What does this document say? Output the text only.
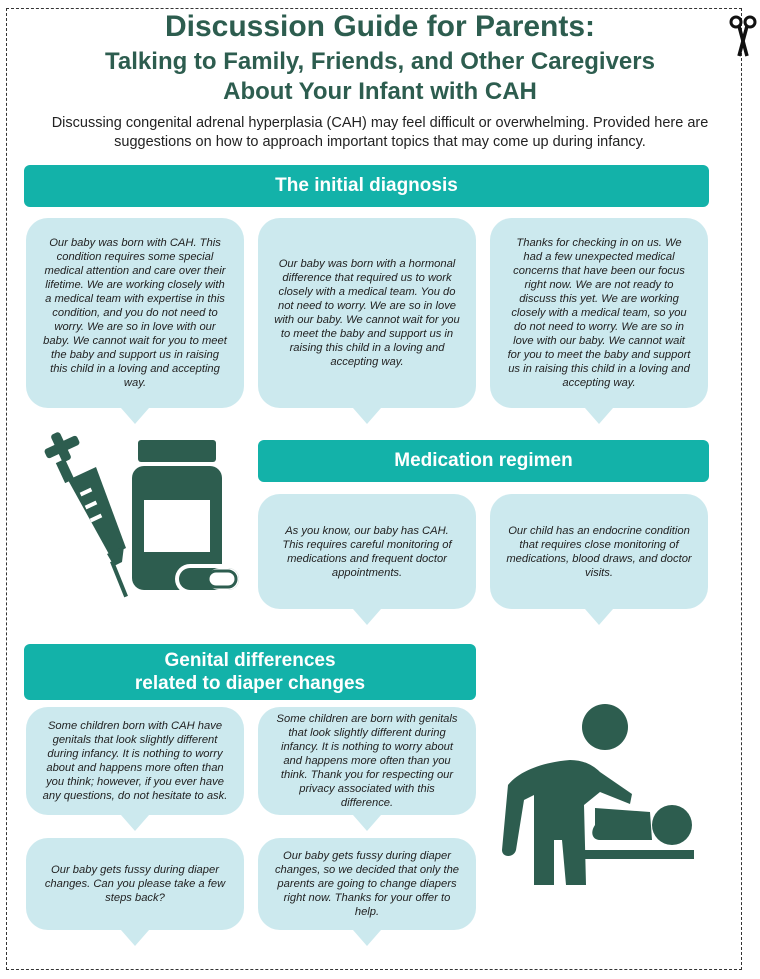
Discussion Guide for Parents:
Talking to Family, Friends, and Other Caregivers
About Your Infant with CAH
Discussing congenital adrenal hyperplasia (CAH) may feel difficult or overwhelming. Provided here are suggestions on how to approach important topics that may come up during infancy.
The initial diagnosis
Our baby was born with CAH. This condition requires some special medical attention and care over their lifetime. We are working closely with a medical team with expertise in this condition, and you do not need to worry. We are so in love with our baby. We cannot wait for you to meet the baby and support us in raising this child in a loving and accepting way.
Our baby was born with a hormonal difference that required us to work closely with a medical team. You do not need to worry. We are so in love with our baby. We cannot wait for you to meet the baby and support us in raising this child in a loving and accepting way.
Thanks for checking in on us. We had a few unexpected medical concerns that have been our focus right now. We are not ready to discuss this yet. We are working closely with a medical team, so you do not need to worry. We are so in love with our baby. We cannot wait for you to meet the baby and support us in raising this child in a loving and accepting way.
Medication regimen
As you know, our baby has CAH. This requires careful monitoring of medications and frequent doctor appointments.
Our child has an endocrine condition that requires close monitoring of medications, blood draws, and doctor visits.
Genital differences
related to diaper changes
Some children born with CAH have genitals that look slightly different during infancy. It is nothing to worry about and happens more often than you think; however, if you ever have any questions, do not hesitate to ask.
Some children are born with genitals that look slightly different during infancy. It is nothing to worry about and happens more often than you think. Thank you for respecting our privacy associated with this difference.
Our baby gets fussy during diaper changes. Can you please take a few steps back?
Our baby gets fussy during diaper changes, so we decided that only the parents are going to change diapers right now. Thanks for your offer to help.
